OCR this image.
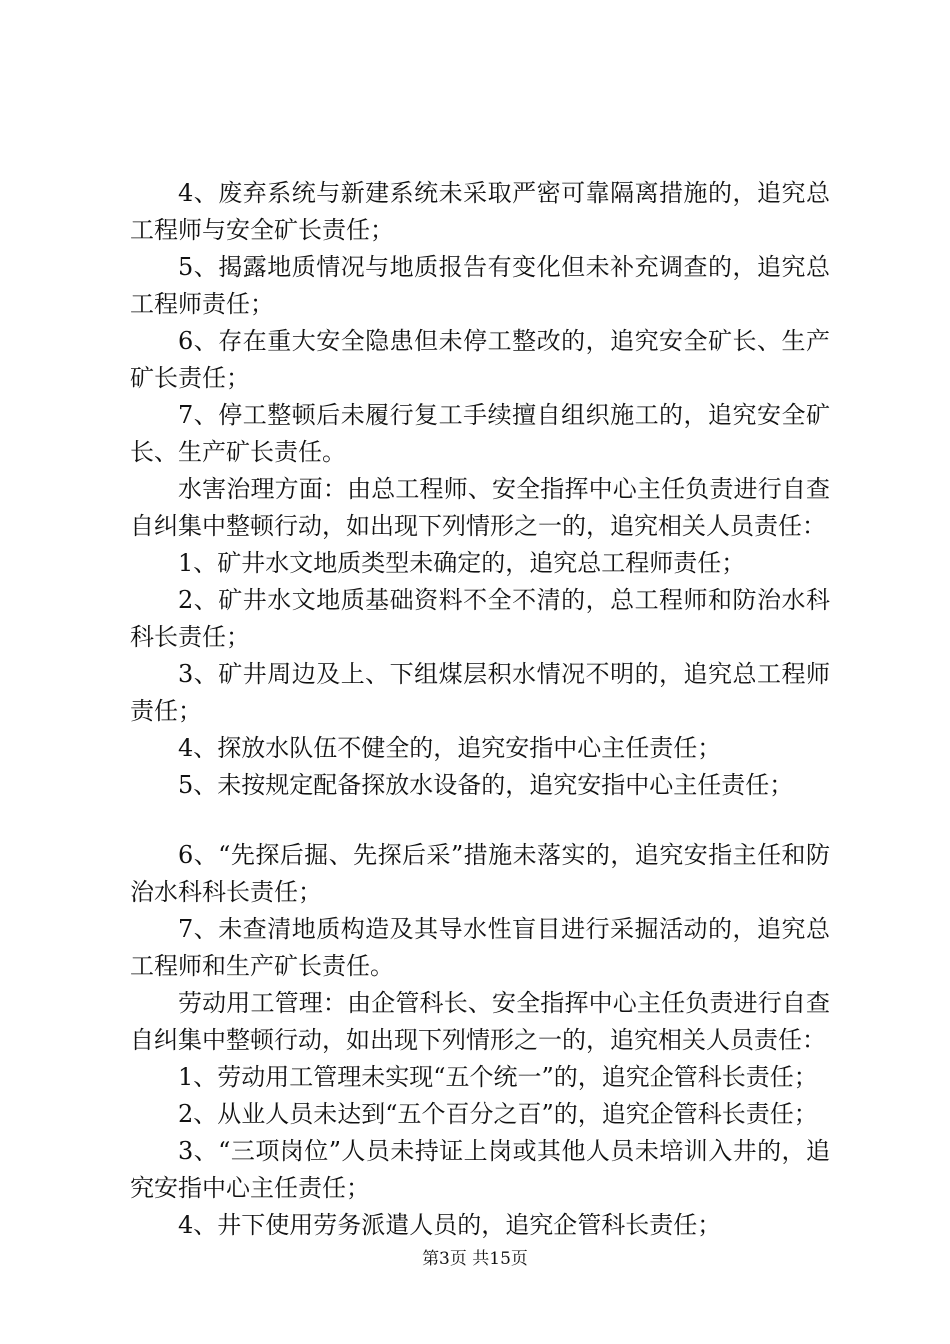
4、废弃系统与新建系统未采取严密可靠隔离措施的，追究总工程师与安全矿长责任；

5、揭露地质情况与地质报告有变化但未补充调查的，追究总工程师责任；

6、存在重大安全隐患但未停工整改的，追究安全矿长、生产矿长责任；

7、停工整顿后未履行复工手续擅自组织施工的，追究安全矿长、生产矿长责任。

水害治理方面：由总工程师、安全指挥中心主任负责进行自查自纠集中整顿行动，如出现下列情形之一的，追究相关人员责任：

1、矿井水文地质类型未确定的，追究总工程师责任；

2、矿井水文地质基础资料不全不清的，总工程师和防治水科科长责任；

3、矿井周边及上、下组煤层积水情况不明的，追究总工程师责任；

4、探放水队伍不健全的，追究安指中心主任责任；

5、未按规定配备探放水设备的，追究安指中心主任责任；

6、“先探后掘、先探后采”措施未落实的，追究安指主任和防治水科科长责任；

7、未查清地质构造及其导水性盲目进行采掘活动的，追究总工程师和生产矿长责任。

劳动用工管理：由企管科长、安全指挥中心主任负责进行自查自纠集中整顿行动，如出现下列情形之一的，追究相关人员责任：

1、劳动用工管理未实现“五个统一”的，追究企管科长责任；

2、从业人员未达到“五个百分之百”的，追究企管科长责任；

3、“三项岗位”人员未持证上岗或其他人员未培训入井的，追究安指中心主任责任；

4、井下使用劳务派遣人员的，追究企管科长责任；

第3页 共15页
